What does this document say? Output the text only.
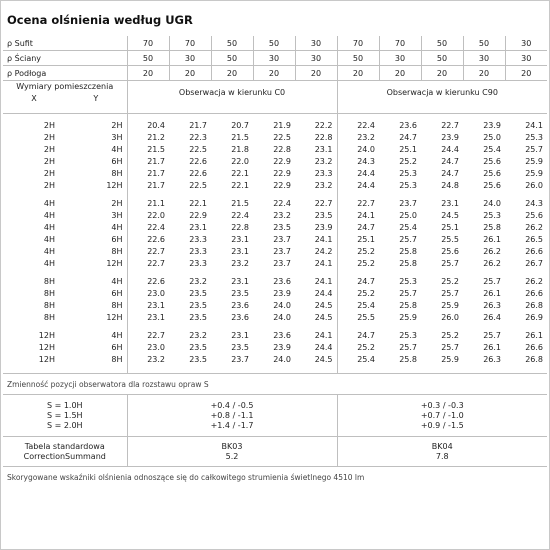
Ocena olśnienia według UGR
ρ Sufit		70	70	50	50	30	70	70	50	50	30
ρ Ściany		50	30	50	30	30	50	30	50	30	30
ρ Podłoga		20	20	20	20	20	20	20	20	20	20
Wymiary pomieszczenia		Obserwacja w kierunku C0					Obserwacja w kierunku C90				
X	Y										

2H	2H	20.4	21.7	20.7	21.9	22.2	22.4	23.6	22.7	23.9	24.1
2H	3H	21.2	22.3	21.5	22.5	22.8	23.2	24.7	23.9	25.0	25.3
2H	4H	21.5	22.5	21.8	22.8	23.1	24.0	25.1	24.4	25.4	25.7
2H	6H	21.7	22.6	22.0	22.9	23.2	24.3	25.2	24.7	25.6	25.9
2H	8H	21.7	22.6	22.1	22.9	23.3	24.4	25.3	24.7	25.6	25.9
2H	12H	21.7	22.5	22.1	22.9	23.2	24.4	25.3	24.8	25.6	26.0

4H	2H	21.1	22.1	21.5	22.4	22.7	22.7	23.7	23.1	24.0	24.3
4H	3H	22.0	22.9	22.4	23.2	23.5	24.1	25.0	24.5	25.3	25.6
4H	4H	22.4	23.1	22.8	23.5	23.9	24.7	25.4	25.1	25.8	26.2
4H	6H	22.6	23.3	23.1	23.7	24.1	25.1	25.7	25.5	26.1	26.5
4H	8H	22.7	23.3	23.1	23.7	24.2	25.2	25.8	25.6	26.2	26.6
4H	12H	22.7	23.3	23.2	23.7	24.1	25.2	25.8	25.7	26.2	26.7

8H	4H	22.6	23.2	23.1	23.6	24.1	24.7	25.3	25.2	25.7	26.2
8H	6H	23.0	23.5	23.5	23.9	24.4	25.2	25.7	25.7	26.1	26.6
8H	8H	23.1	23.5	23.6	24.0	24.5	25.4	25.8	25.9	26.3	26.8
8H	12H	23.1	23.5	23.6	24.0	24.5	25.5	25.9	26.0	26.4	26.9

12H	4H	22.7	23.2	23.1	23.6	24.1	24.7	25.3	25.2	25.7	26.1
12H	6H	23.0	23.5	23.5	23.9	24.4	25.2	25.7	25.7	26.1	26.6
12H	8H	23.2	23.5	23.7	24.0	24.5	25.4	25.8	25.9	26.3	26.8

Zmienność pozycji obserwatora dla rozstawu opraw S											

S = 1.0H		+0.4 / -0.5					+0.3 / -0.3				
S = 1.5H		+0.8 / -1.1					+0.7 / -1.0				
S = 2.0H		+1.4 / -1.7					+0.9 / -1.5				

Tabela standardowa		BK03					BK04				
CorrectionSummand		5.2					7.8				

Skorygowane wskaźniki olśnienia odnoszące się do całkowitego strumienia świetlnego 4510 lm											
